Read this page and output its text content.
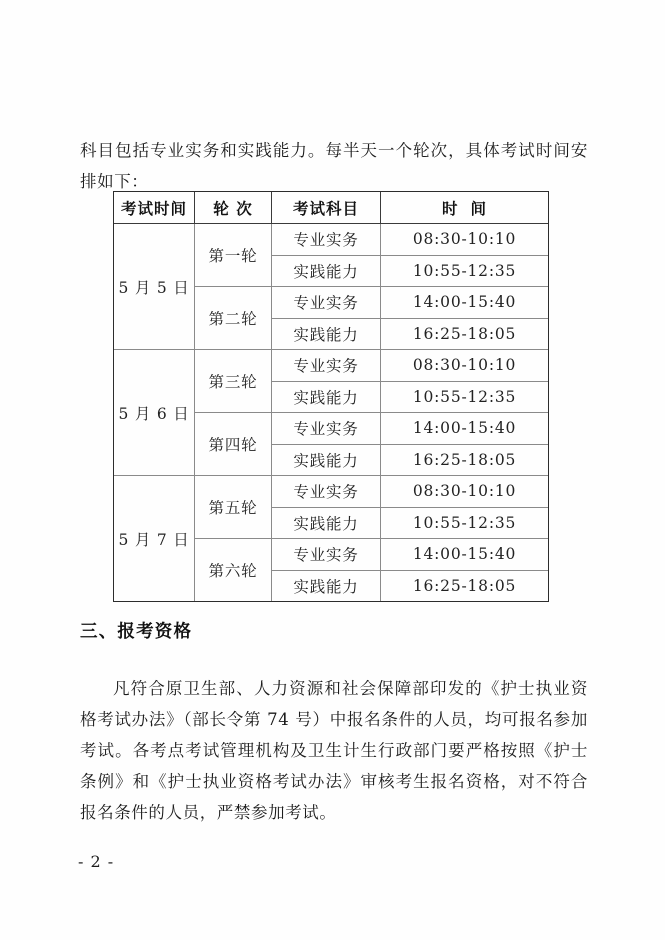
科目包括专业实务和实践能力。每半天一个轮次，具体考试时间安排如下：

考试时间	轮 次	考试科目	时 间
5 月 5 日	第一轮	专业实务	08:30-10:10
		实践能力	10:55-12:35
	第二轮	专业实务	14:00-15:40
		实践能力	16:25-18:05
5 月 6 日	第三轮	专业实务	08:30-10:10
		实践能力	10:55-12:35
	第四轮	专业实务	14:00-15:40
		实践能力	16:25-18:05
5 月 7 日	第五轮	专业实务	08:30-10:10
		实践能力	10:55-12:35
	第六轮	专业实务	14:00-15:40
		实践能力	16:25-18:05
三、报考资格

凡符合原卫生部、人力资源和社会保障部印发的《护士执业资格考试办法》（部长令第 74 号）中报名条件的人员，均可报名参加考试。各考点考试管理机构及卫生计生行政部门要严格按照《护士条例》和《护士执业资格考试办法》审核考生报名资格，对不符合报名条件的人员，严禁参加考试。

- 2 -
